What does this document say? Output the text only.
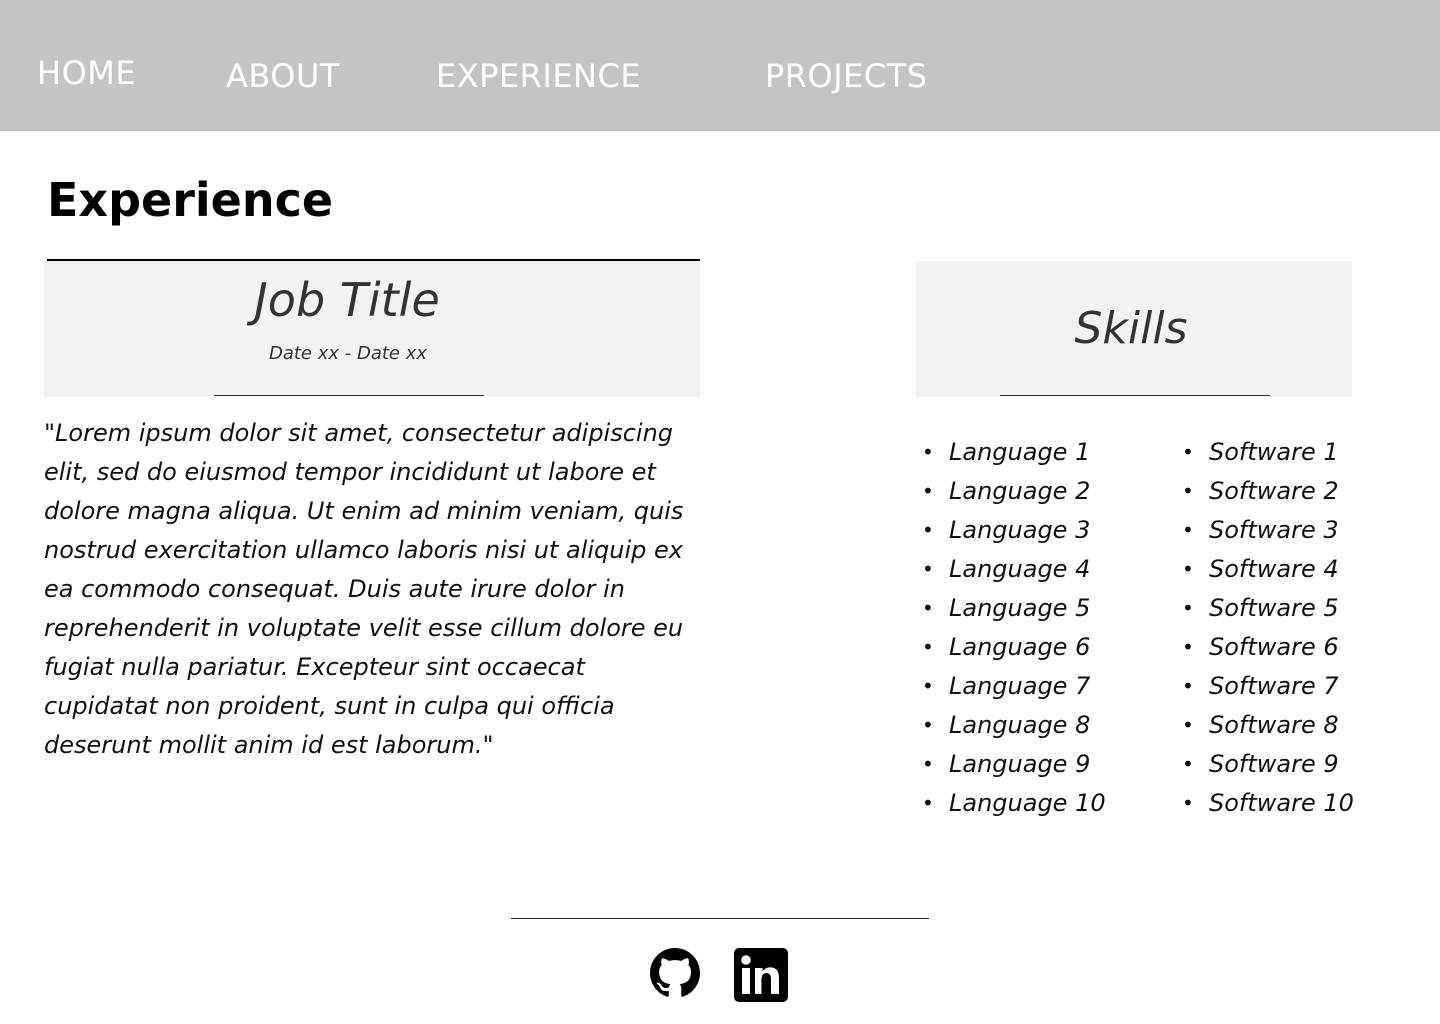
HOME	ABOUT	EXPERIENCE	PROJECTS
Experience
Job Title
Date xx - Date xx

"Lorem ipsum dolor sit amet, consectetur adipiscing elit, sed do eiusmod tempor incididunt ut labore et dolore magna aliqua. Ut enim ad minim veniam, quis nostrud exercitation ullamco laboris nisi ut aliquip ex ea commodo consequat. Duis aute irure dolor in reprehenderit in voluptate velit esse cillum dolore eu fugiat nulla pariatur. Excepteur sint occaecat cupidatat non proident, sunt in culpa qui officia deserunt mollit anim id est laborum."

Skills
• Language 1
• Language 2
• Language 3
• Language 4
• Language 5
• Language 6
• Language 7
• Language 8
• Language 9
• Language 10
• Software 1
• Software 2
• Software 3
• Software 4
• Software 5
• Software 6
• Software 7
• Software 8
• Software 9
• Software 10
